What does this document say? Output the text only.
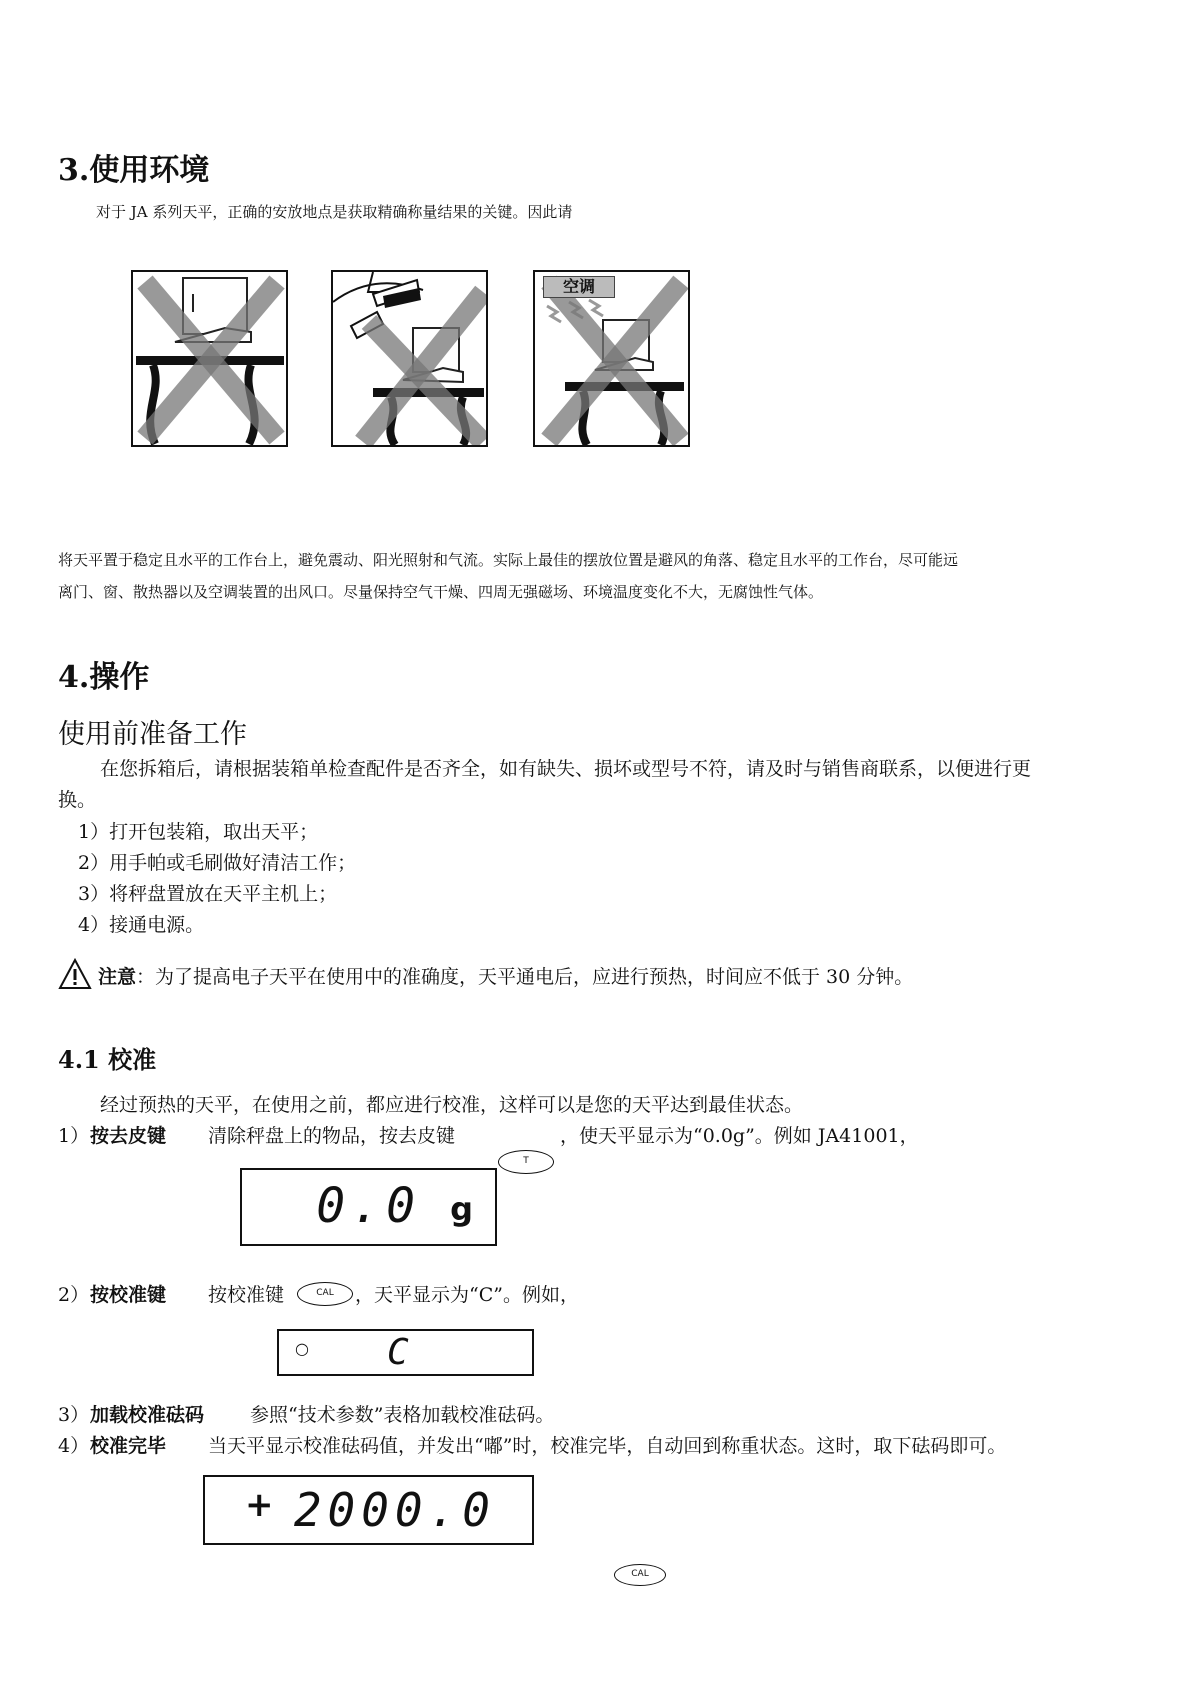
3.使用环境
对于 JA 系列天平，正确的安放地点是获取精确称量结果的关键。因此请
空调
将天平置于稳定且水平的工作台上，避免震动、阳光照射和气流。实际上最佳的摆放位置是避风的角落、稳定且水平的工作台，尽可能远
离门、窗、散热器以及空调装置的出风口。尽量保持空气干燥、四周无强磁场、环境温度变化不大，无腐蚀性气体。
4.操作
使用前准备工作
在您拆箱后，请根据装箱单检查配件是否齐全，如有缺失、损坏或型号不符，请及时与销售商联系，以便进行更
换。
1）打开包装箱，取出天平；
2）用手帕或毛刷做好清洁工作；
3）将秤盘置放在天平主机上；
4）接通电源。
注意：为了提高电子天平在使用中的准确度，天平通电后，应进行预热，时间应不低于 30 分钟。
4.1 校准
经过预热的天平，在使用之前，都应进行校准，这样可以是您的天平达到最佳状态。
1） 按去皮键 清除秤盘上的物品，按去皮键	，使天平显示为“0.0g”。例如 JA41001，
T
0.0 g
2） 按校准键 按校准键	CAL	，天平显示为“C”。例如，
○ C
3） 加载校准砝码 参照“技术参数”表格加载校准砝码。
4） 校准完毕 当天平显示校准砝码值，并发出“嘟”时，校准完毕，自动回到称重状态。这时，取下砝码即可。
+ 2000.0
CAL
